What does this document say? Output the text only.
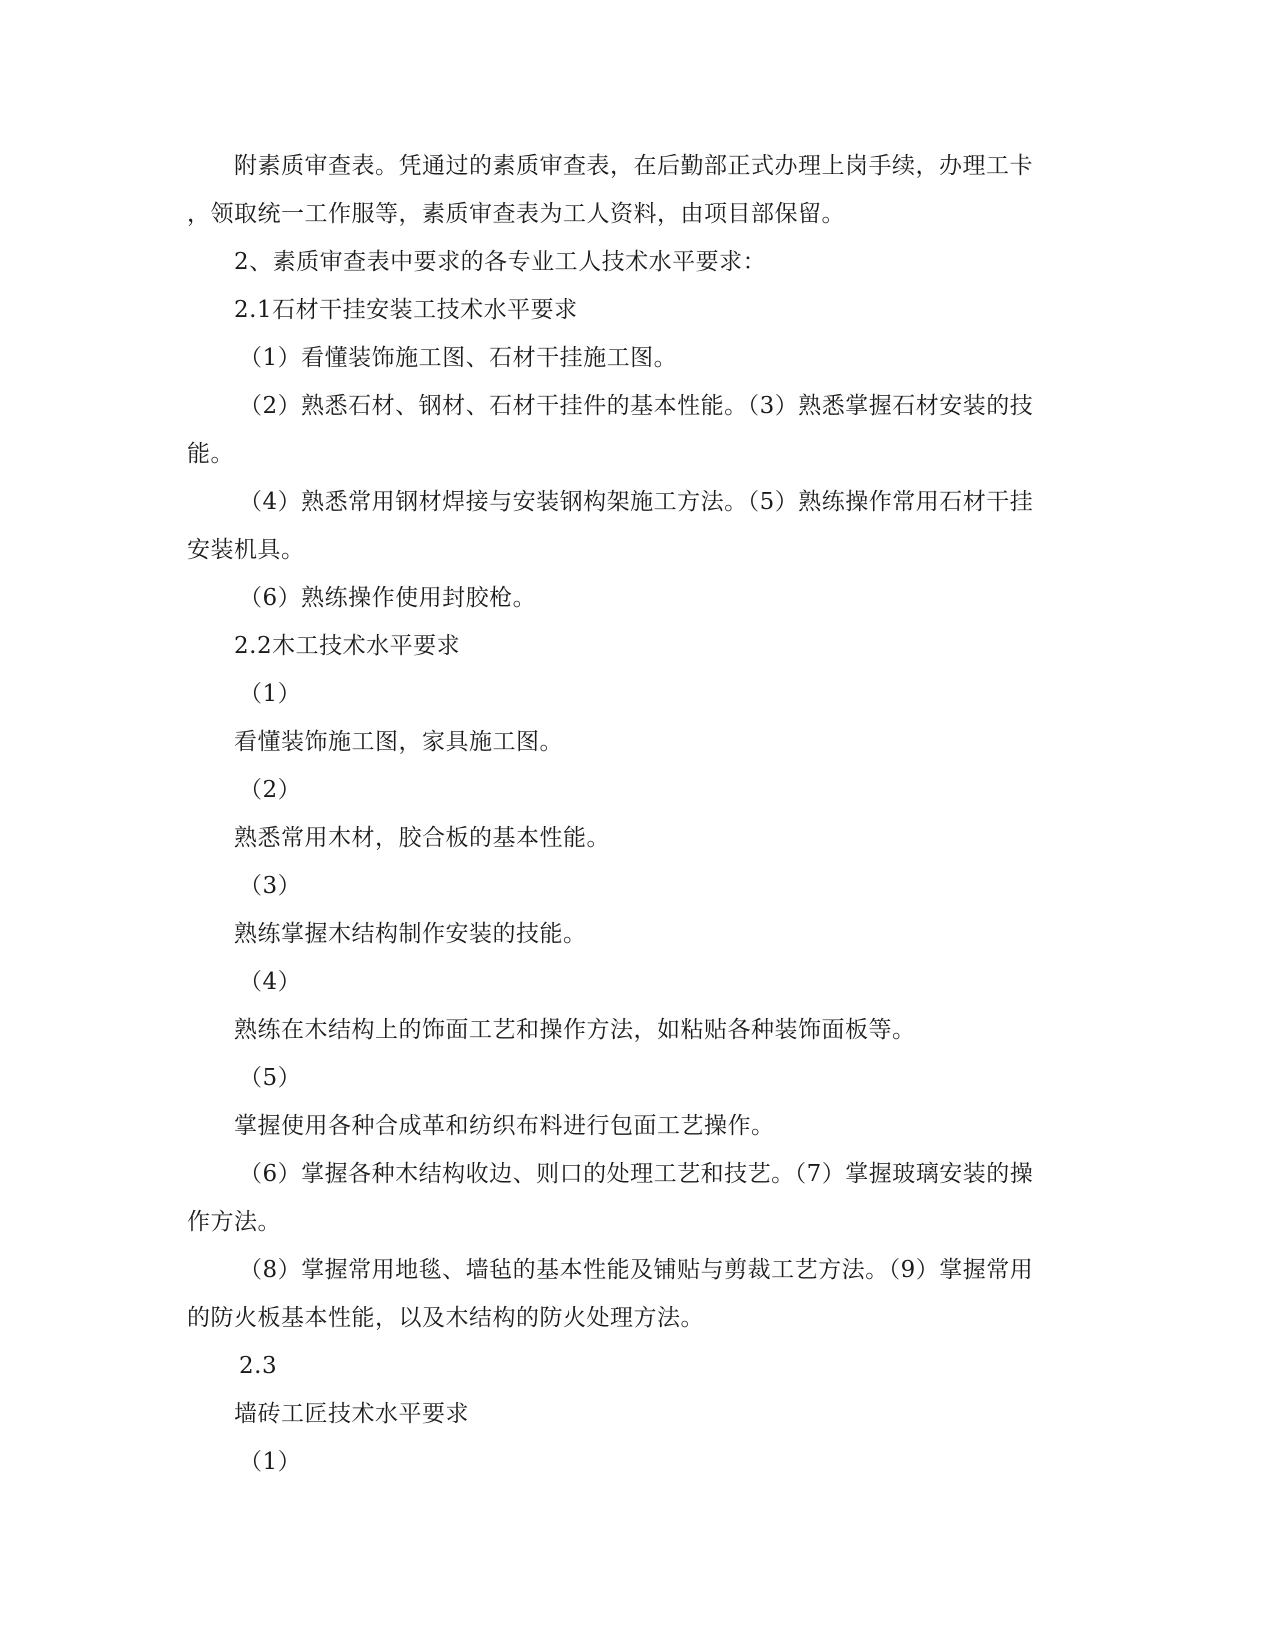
附素质审查表。凭通过的素质审查表，在后勤部正式办理上岗手续，办理工卡

，领取统一工作服等，素质审查表为工人资料，由项目部保留。

2、素质审查表中要求的各专业工人技术水平要求：

2.1石材干挂安装工技术水平要求

（1）看懂装饰施工图、石材干挂施工图。

（2）熟悉石材、钢材、石材干挂件的基本性能。（3）熟悉掌握石材安装的技

能。

（4）熟悉常用钢材焊接与安装钢构架施工方法。（5）熟练操作常用石材干挂

安装机具。

（6）熟练操作使用封胶枪。

2.2木工技术水平要求

（1）

看懂装饰施工图，家具施工图。

（2）

熟悉常用木材，胶合板的基本性能。

（3）

熟练掌握木结构制作安装的技能。

（4）

熟练在木结构上的饰面工艺和操作方法，如粘贴各种装饰面板等。

（5）

掌握使用各种合成革和纺织布料进行包面工艺操作。

（6）掌握各种木结构收边、则口的处理工艺和技艺。（7）掌握玻璃安装的操

作方法。

（8）掌握常用地毯、墙毡的基本性能及铺贴与剪裁工艺方法。（9）掌握常用

的防火板基本性能，以及木结构的防火处理方法。

2.3

墙砖工匠技术水平要求

（1）
